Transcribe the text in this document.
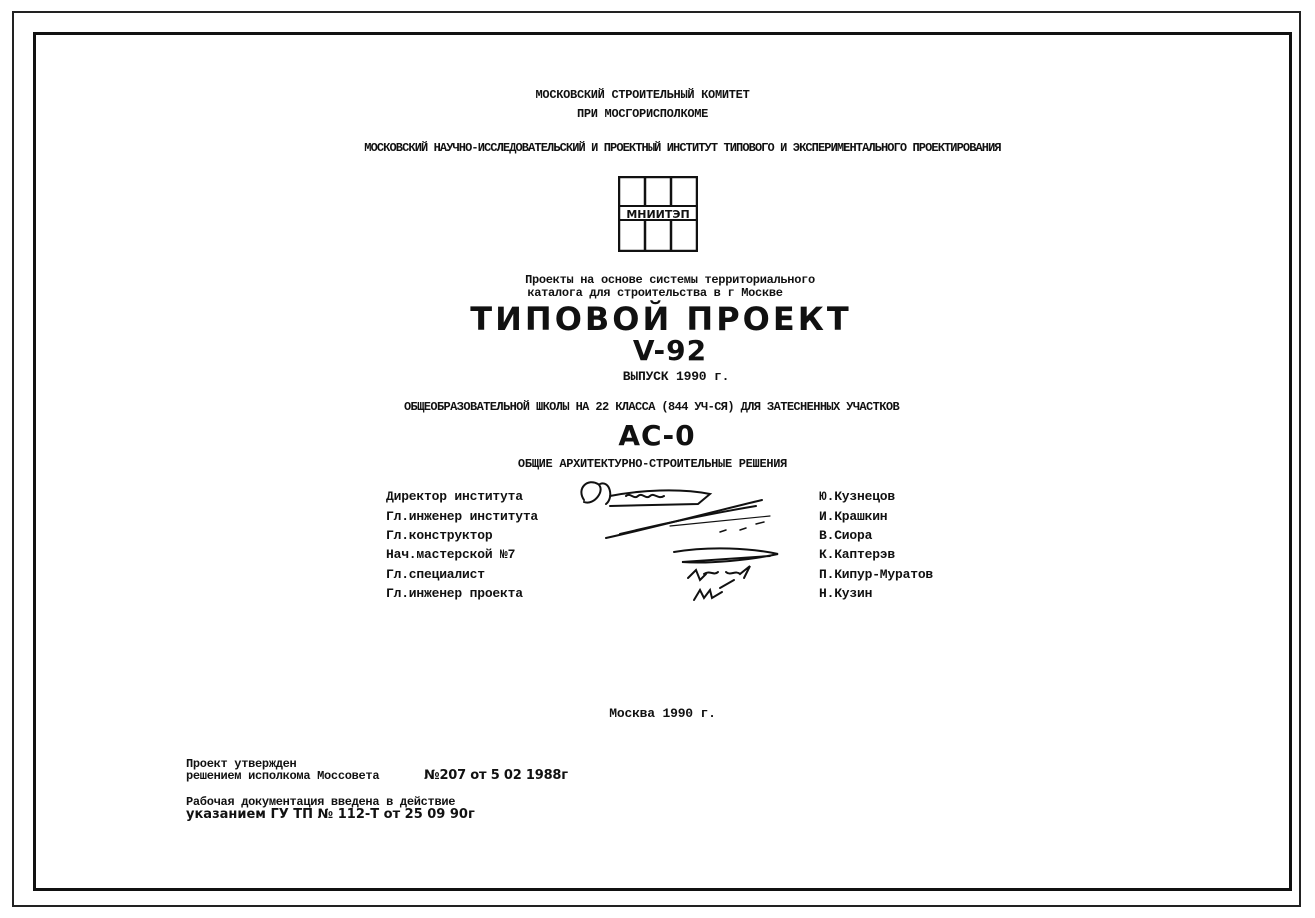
МОСКОВСКИЙ СТРОИТЕЛЬНЫЙ КОМИТЕТ
ПРИ МОСГОРИСПОЛКОМЕ
МОСКОВСКИЙ НАУЧНО-ИССЛЕДОВАТЕЛЬСКИЙ И ПРОЕКТНЫЙ ИНСТИТУТ ТИПОВОГО И ЭКСПЕРИМЕНТАЛЬНОГО ПРОЕКТИРОВАНИЯ
МНИИТЭП
Проекты на основе системы территориального
каталога для строительства в г Москве
ТИПОВОЙ ПРОЕКТ
V-92
ВЫПУСК 1990 г.
ОБЩЕОБРАЗОВАТЕЛЬНОЙ ШКОЛЫ НА 22 КЛАССА (844 УЧ-СЯ) ДЛЯ ЗАТЕСНЕННЫХ УЧАСТКОВ
АС-0
ОБЩИЕ АРХИТЕКТУРНО-СТРОИТЕЛЬНЫЕ РЕШЕНИЯ
Директор института
Гл.инженер института
Гл.конструктор
Нач.мастерской №7
Гл.специалист
Гл.инженер проекта
Ю.Кузнецов
И.Крашкин
В.Сиора
К.Каптерэв
П.Кипур-Муратов
Н.Кузин
Москва 1990 г.
Проект утвержден
решением исполкома Моссовета	№207 от 5 02 1988г
Рабочая документация введена в действие
указанием ГУ ТП № 112-Т от 25 09 90г
